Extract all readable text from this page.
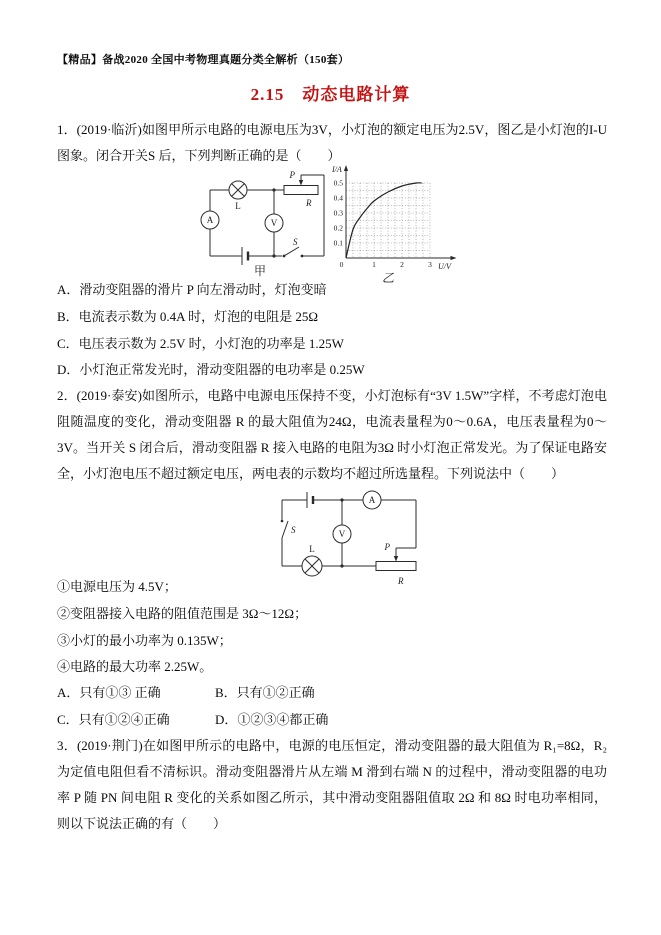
【精品】备战2020 全国中考物理真题分类全解析（150套）
2.15　动态电路计算
1．(2019·临沂)如图甲所示电路的电源电压为3V，小灯泡的额定电压为2.5V，图乙是小灯泡的I-U图象。闭合开关S 后，下列判断正确的是（　　）
L
P
R
A
S
V
甲
0.1
0.2
0.3
0.4
0.5
0	1	2	3
I/A
U/V
乙
A．滑动变阻器的滑片 P 向左滑动时，灯泡变暗
B．电流表示数为 0.4A 时，灯泡的电阻是 25Ω
C．电压表示数为 2.5V 时，小灯泡的功率是 1.25W
D．小灯泡正常发光时，滑动变阻器的电功率是 0.25W
2．(2019·泰安)如图所示，电路中电源电压保持不变，小灯泡标有“3V 1.5W”字样，不考虑灯泡电阻随温度的变化，滑动变阻器 R 的最大阻值为24Ω，电流表量程为0～0.6A，电压表量程为0～3V。当开关 S 闭合后，滑动变阻器 R 接入电路的电阻为3Ω 时小灯泡正常发光。为了保证电路安全，小灯泡电压不超过额定电压，两电表的示数均不超过所选量程。下列说法中（　　）
A
S
L
V
P
R
①电源电压为 4.5V；
②变阻器接入电路的阻值范围是 3Ω～12Ω；
③小灯的最小功率为 0.135W；
④电路的最大功率 2.25W。
A．只有①③ 正确	B．只有①②正确
C．只有①②④正确	D．①②③④都正确
3．(2019·荆门)在如图甲所示的电路中，电源的电压恒定，滑动变阻器的最大阻值为 R₁=8Ω，R₂为定值电阻但看不清标识。滑动变阻器滑片从左端 M 滑到右端 N 的过程中，滑动变阻器的电功率 P 随 PN 间电阻 R 变化的关系如图乙所示，其中滑动变阻器阻值取 2Ω 和 8Ω 时电功率相同，则以下说法正确的有（　　）
